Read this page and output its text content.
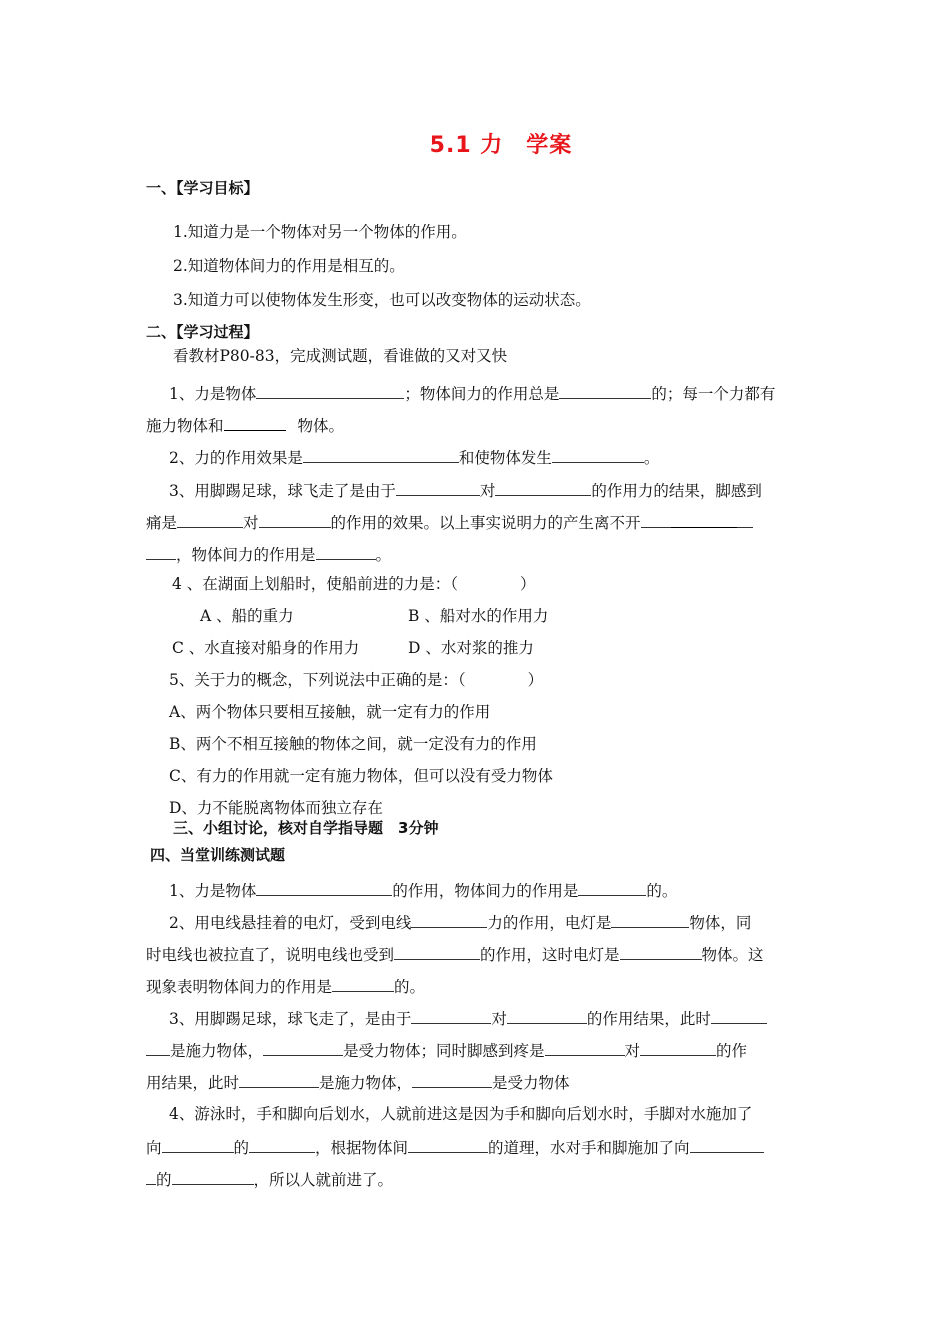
5.1 力　学案
一、【学习目标】
1.知道力是一个物体对另一个物体的作用。
2.知道物体间力的作用是相互的。
3.知道力可以使物体发生形变，也可以改变物体的运动状态。
二、【学习过程】
看教材P80-83，完成测试题，看谁做的又对又快
1、力是物体	；物体间力的作用总是	的；每一个力都有
施力物体和	物体。
2、力的作用效果是	和使物体发生	。
3、用脚踢足球，球飞走了是由于	对	的作用力的结果，脚感到
痛是	对	的作用的效果。以上事实说明力的产生离不开
，物体间力的作用是	。
4 、在湖面上划船时，使船前进的力是：（　　　　）
A 、船的重力	B 、船对水的作用力
C 、水直接对船身的作用力	D 、水对浆的推力
5、关于力的概念，下列说法中正确的是：（　　　　）
A、两个物体只要相互接触，就一定有力的作用
B、两个不相互接触的物体之间，就一定没有力的作用
C、有力的作用就一定有施力物体，但可以没有受力物体
D、力不能脱离物体而独立存在
三、小组讨论，核对自学指导题　3分钟
四、当堂训练测试题
1、力是物体	的作用，物体间力的作用是	的。
2、用电线悬挂着的电灯，受到电线	力的作用，电灯是	物体，同
时电线也被拉直了，说明电线也受到	的作用，这时电灯是	物体。这
现象表明物体间力的作用是	的。
3、用脚踢足球，球飞走了，是由于	对	的作用结果，此时
是施力物体，	是受力物体；同时脚感到疼是	对	的作
用结果，此时	是施力物体，	是受力物体
4、游泳时，手和脚向后划水，人就前进这是因为手和脚向后划水时，手脚对水施加了
向	的	，根据物体间	的道理，水对手和脚施加了向
的	，所以人就前进了。
